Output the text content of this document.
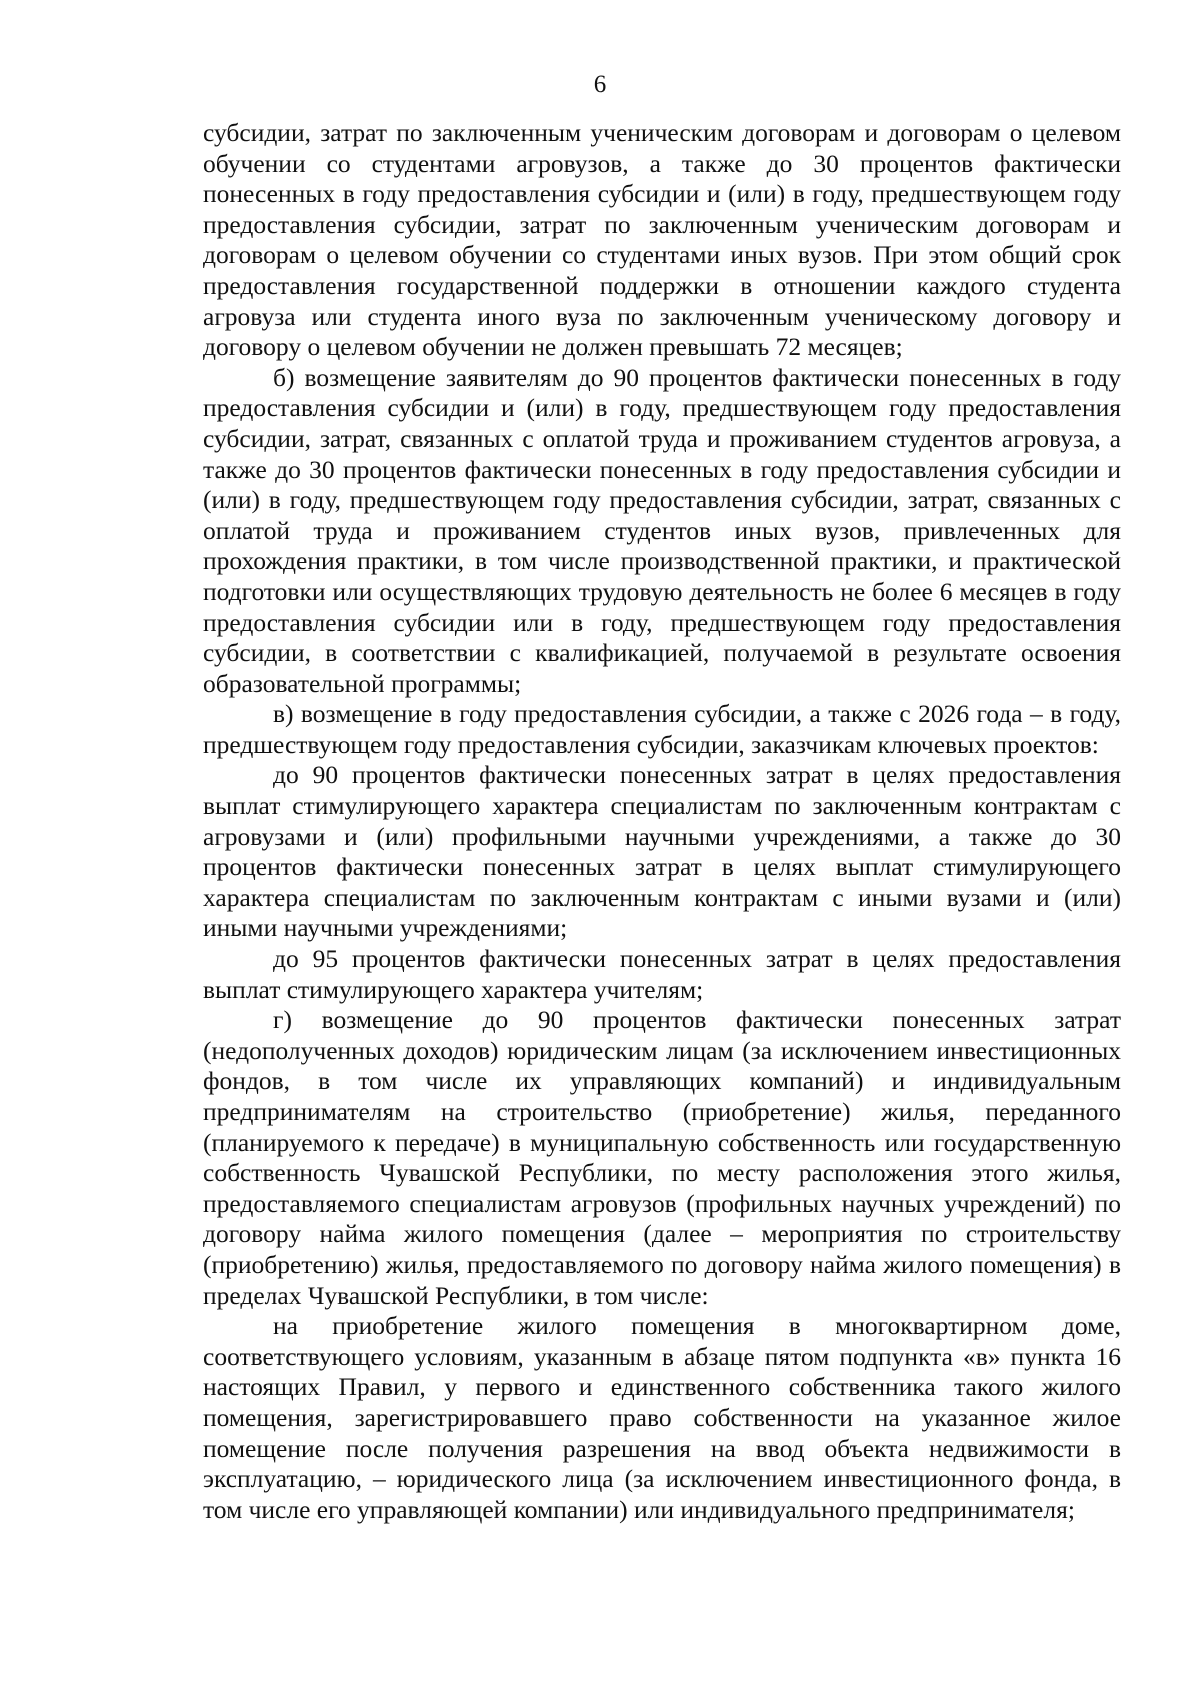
6

субсидии, затрат по заключенным ученическим договорам и договорам о целевом обучении со студентами агровузов, а также до 30 процентов фактически понесенных в году предоставления субсидии и (или) в году, предшествующем году предоставления субсидии, затрат по заключенным ученическим договорам и договорам о целевом обучении со студентами иных вузов. При этом общий срок предоставления государственной поддержки в отношении каждого студента агровуза или студента иного вуза по заключенным ученическому договору и договору о целевом обучении не должен превышать 72 месяцев;

б) возмещение заявителям до 90 процентов фактически понесенных в году предоставления субсидии и (или) в году, предшествующем году предоставления субсидии, затрат, связанных с оплатой труда и проживанием студентов агровуза, а также до 30 процентов фактически понесенных в году предоставления субсидии и (или) в году, предшествующем году предоставления субсидии, затрат, связанных с оплатой труда и проживанием студентов иных вузов, привлеченных для прохождения практики, в том числе производственной практики, и практической подготовки или осуществляющих трудовую деятельность не более 6 месяцев в году предоставления субсидии или в году, предшествующем году предоставления субсидии, в соответствии с квалификацией, получаемой в результате освоения образовательной программы;

в) возмещение в году предоставления субсидии, а также с 2026 года – в году, предшествующем году предоставления субсидии, заказчикам ключевых проектов:

до 90 процентов фактически понесенных затрат в целях предоставления выплат стимулирующего характера специалистам по заключенным контрактам с агровузами и (или) профильными научными учреждениями, а также до 30 процентов фактически понесенных затрат в целях выплат стимулирующего характера специалистам по заключенным контрактам с иными вузами и (или) иными научными учреждениями;

до 95 процентов фактически понесенных затрат в целях предоставления выплат стимулирующего характера учителям;

г) возмещение до 90 процентов фактически понесенных затрат (недополученных доходов) юридическим лицам (за исключением инвестиционных фондов, в том числе их управляющих компаний) и индивидуальным предпринимателям на строительство (приобретение) жилья, переданного (планируемого к передаче) в муниципальную собственность или государственную собственность Чувашской Республики, по месту расположения этого жилья, предоставляемого специалистам агровузов (профильных научных учреждений) по договору найма жилого помещения (далее – мероприятия по строительству (приобретению) жилья, предоставляемого по договору найма жилого помещения) в пределах Чувашской Республики, в том числе:

на приобретение жилого помещения в многоквартирном доме, соответствующего условиям, указанным в абзаце пятом подпункта «в» пункта 16 настоящих Правил, у первого и единственного собственника такого жилого помещения, зарегистрировавшего право собственности на указанное жилое помещение после получения разрешения на ввод объекта недвижимости в эксплуатацию, – юридического лица (за исключением инвестиционного фонда, в том числе его управляющей компании) или индивидуального предпринимателя;
